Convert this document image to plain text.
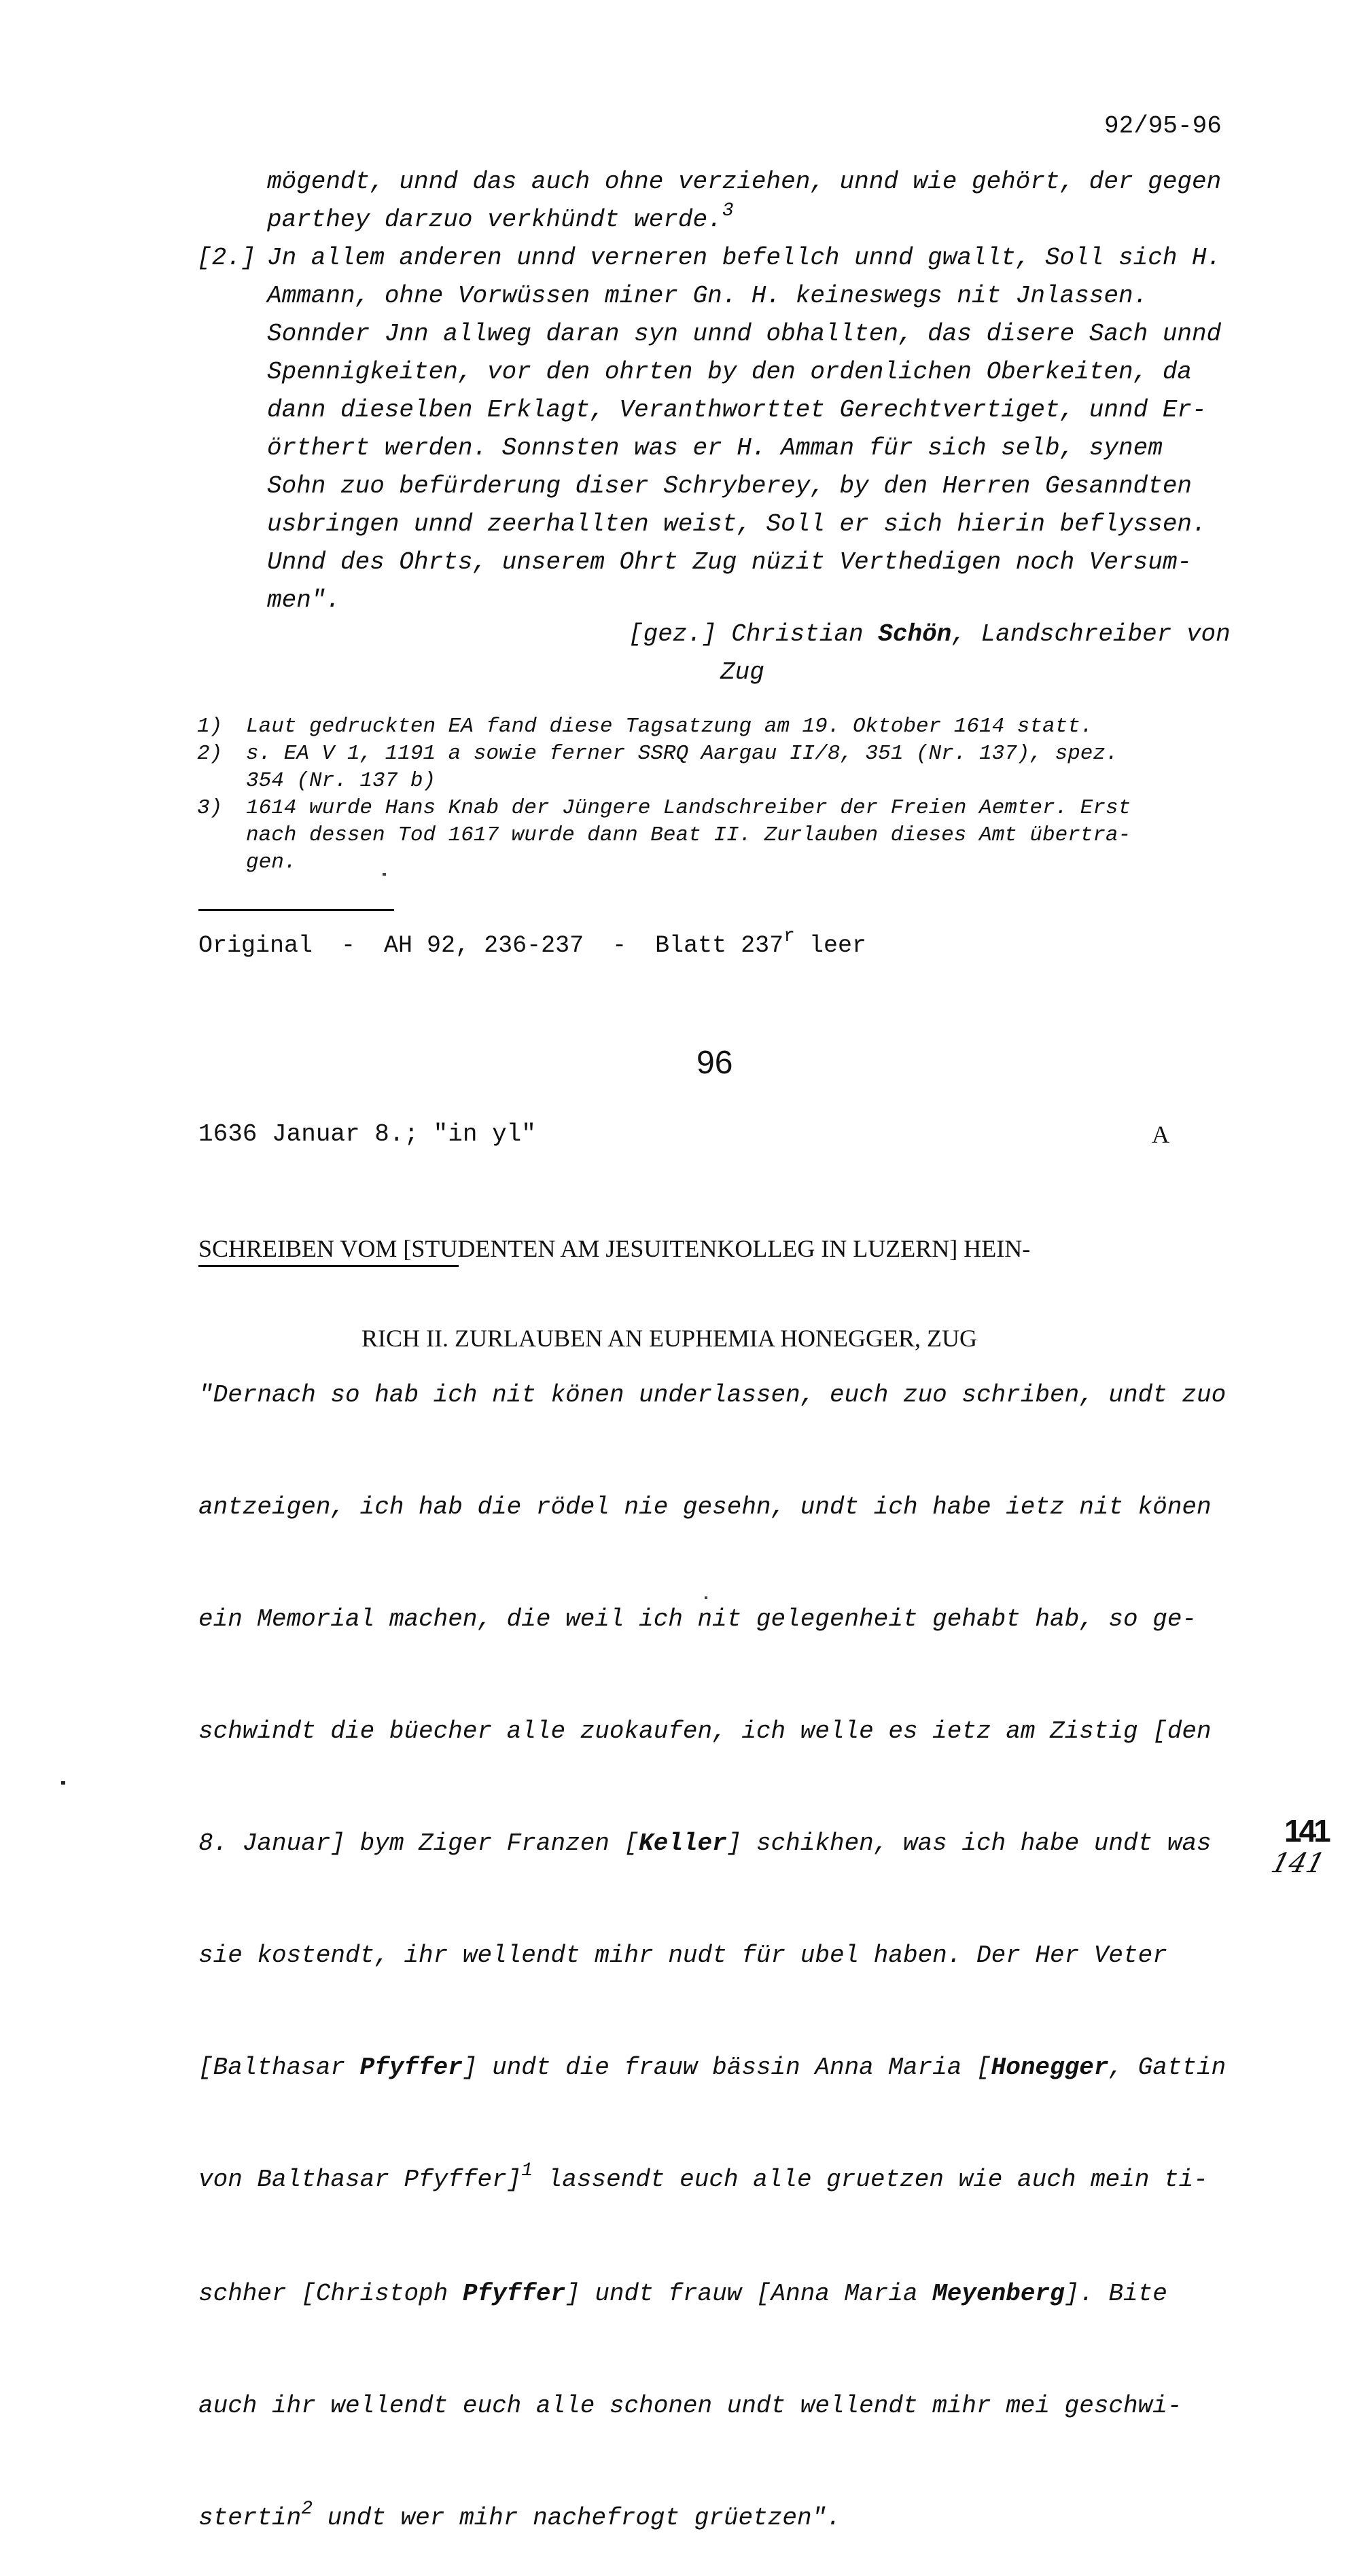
92/95-96
mögendt, unnd das auch ohne verziehen, unnd wie gehört, der gegen
parthey darzuo verkhündt werde.$^3$
[2.] Jn allem anderen unnd verneren befellch unnd gwallt, Soll sich H.
Ammann, ohne Vorwüssen miner Gn. H. keineswegs nit Jnlassen.
Sonnder Jnn allweg daran syn unnd obhallten, das disere Sach unnd
Spennigkeiten, vor den ohrten by den ordenlichen Oberkeiten, da
dann dieselben Erklagt, Veranthworttet Gerechtvertiget, unnd Er-
örthert werden. Sonnsten was er H. Amman für sich selb, synem
Sohn zuo befürderung diser Schryberey, by den Herren Gesanndten
usbringen unnd zeerhallten weist, Soll er sich hierin beflyssen.
Unnd des Ohrts, unserem Ohrt Zug nüzit Verthedigen noch Versum-
men".
[gez.] Christian Schön, Landschreiber von
Zug
1) Laut gedruckten EA fand diese Tagsatzung am 19. Oktober 1614 statt.
2) s. EA V 1, 1191 a sowie ferner SSRQ Aargau II/8, 351 (Nr. 137), spez.
354 (Nr. 137 b)
3) 1614 wurde Hans Knab der Jüngere Landschreiber der Freien Aemter. Erst
nach dessen Tod 1617 wurde dann Beat II. Zurlauben dieses Amt übertra-
gen.
Original  -  AH 92, 236-237  -  Blatt 237$^r$ leer
96
1636 Januar 8.; "in yl"	A

SCHREIBEN VOM [STUDENTEN AM JESUITENKOLLEG IN LUZERN] HEIN-

RICH II. ZURLAUBEN AN EUPHEMIA HONEGGER, ZUG

"Dernach so hab ich nit könen underlassen, euch zuo schriben, undt zuo

antzeigen, ich hab die rödel nie gesehn, undt ich habe ietz nit könen

ein Memorial machen, die weil ich nit gelegenheit gehabt hab, so ge-

schwindt die büecher alle zuokaufen, ich welle es ietz am Zistig [den

8. Januar] bym Ziger Franzen [Keller] schikhen, was ich habe undt was

sie kostendt, ihr wellendt mihr nudt für ubel haben. Der Her Veter

[Balthasar Pfyffer] undt die frauw bässin Anna Maria [Honegger, Gattin

von Balthasar Pfyffer]$^1$ lassendt euch alle gruetzen wie auch mein ti-

schher [Christoph Pfyffer] undt frauw [Anna Maria Meyenberg]. Bite

auch ihr wellendt euch alle schonen undt wellendt mihr mei geschwi-

stertin$^2$ undt wer mihr nachefrogt grüetzen".

141
141
